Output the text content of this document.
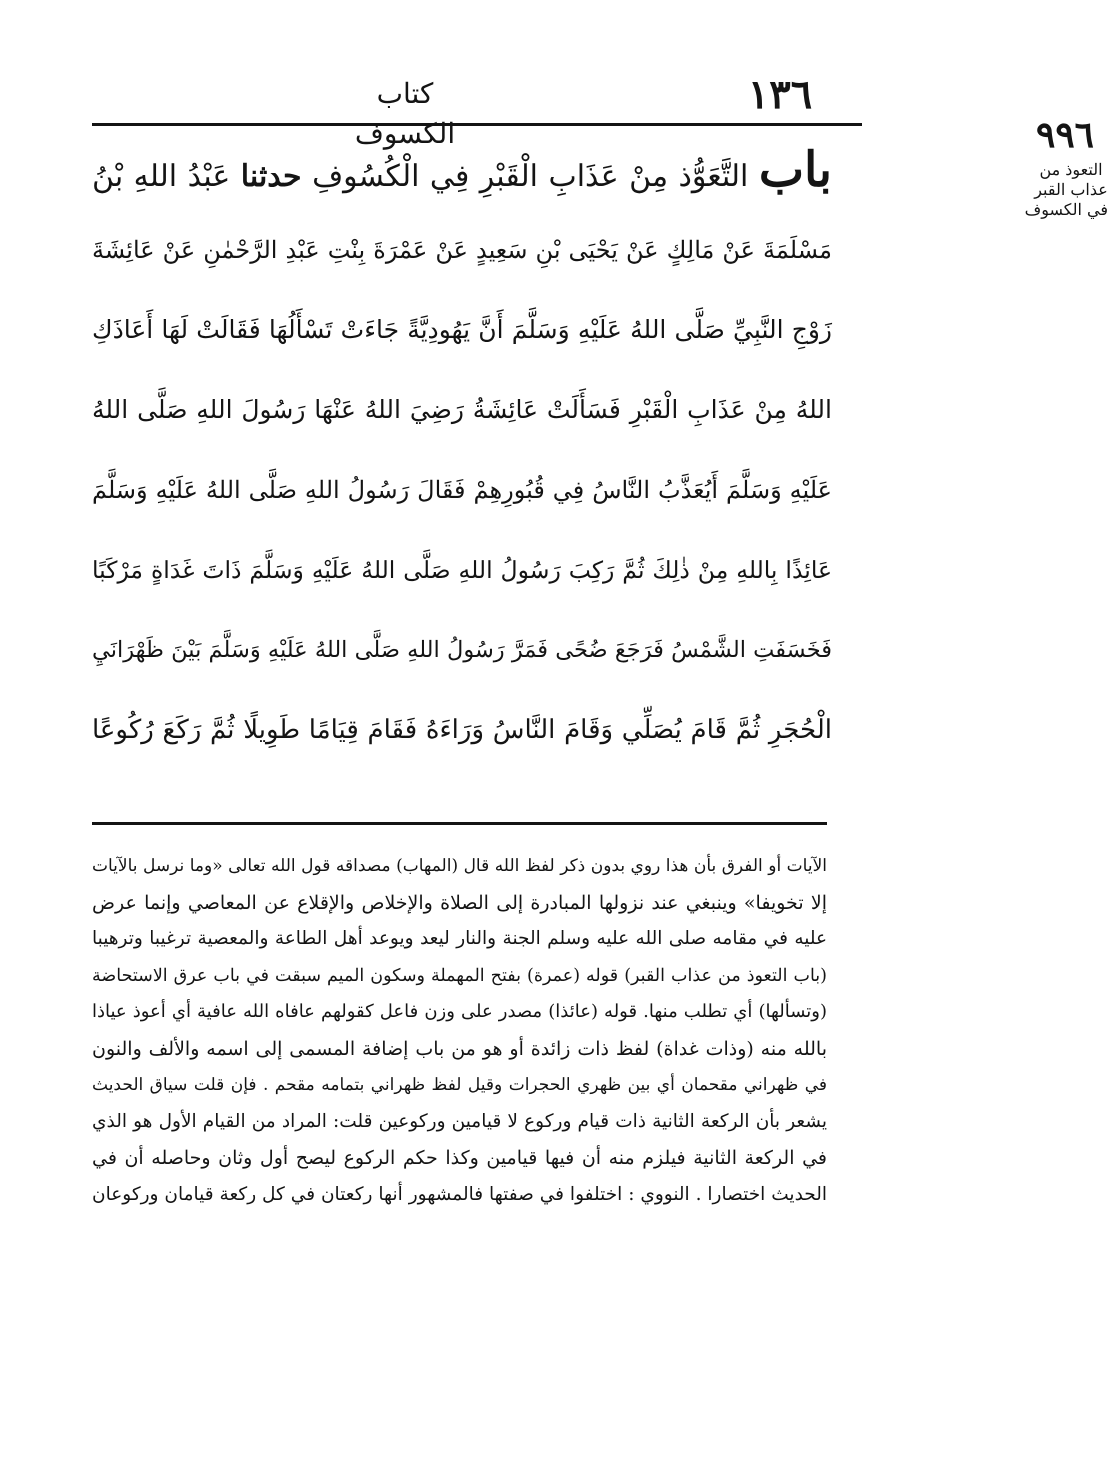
كتاب الكسوف
١٣٦
٩٩٦
التعوذ من
عذاب القبر
في الكسوف
باب التَّعَوُّذ مِنْ عَذَابِ الْقَبْرِ فِي الْكُسُوفِ حدثنا عَبْدُ اللهِ بْنُ
مَسْلَمَةَ عَنْ مَالِكٍ عَنْ يَحْيَى بْنِ سَعِيدٍ عَنْ عَمْرَةَ بِنْتِ عَبْدِ الرَّحْمٰنِ عَنْ عَائِشَةَ
زَوْجِ النَّبِيِّ صَلَّى اللهُ عَلَيْهِ وَسَلَّمَ أَنَّ يَهُودِيَّةً جَاءَتْ تَسْأَلُهَا فَقَالَتْ لَهَا أَعَاذَكِ
اللهُ مِنْ عَذَابِ الْقَبْرِ فَسَأَلَتْ عَائِشَةُ رَضِيَ اللهُ عَنْهَا رَسُولَ اللهِ صَلَّى اللهُ
عَلَيْهِ وَسَلَّمَ أَيُعَذَّبُ النَّاسُ فِي قُبُورِهِمْ فَقَالَ رَسُولُ اللهِ صَلَّى اللهُ عَلَيْهِ وَسَلَّمَ
عَائِذًا بِاللهِ مِنْ ذٰلِكَ ثُمَّ رَكِبَ رَسُولُ اللهِ صَلَّى اللهُ عَلَيْهِ وَسَلَّمَ ذَاتَ غَدَاةٍ مَرْكَبًا
فَخَسَفَتِ الشَّمْسُ فَرَجَعَ ضُحًى فَمَرَّ رَسُولُ اللهِ صَلَّى اللهُ عَلَيْهِ وَسَلَّمَ بَيْنَ ظَهْرَانَيِ
الْحُجَرِ ثُمَّ قَامَ يُصَلِّي وَقَامَ النَّاسُ وَرَاءَهُ فَقَامَ قِيَامًا طَوِيلًا ثُمَّ رَكَعَ رُكُوعًا
الآيات أو الفرق بأن هذا روي بدون ذكر لفظ الله قال (المهاب) مصداقه قول الله تعالى «وما نرسل بالآيات
إلا تخويفا» وينبغي عند نزولها المبادرة إلى الصلاة والإخلاص والإقلاع عن المعاصي وإنما عرض
عليه في مقامه صلى الله عليه وسلم الجنة والنار ليعد ويوعد أهل الطاعة والمعصية ترغيبا وترهيبا
(باب التعوذ من عذاب القبر) قوله (عمرة) بفتح المهملة وسكون الميم سبقت في باب عرق الاستحاضة
(وتسألها) أي تطلب منها. قوله (عائذا) مصدر على وزن فاعل كقولهم عافاه الله عافية أي أعوذ عياذا
بالله منه (وذات غداة) لفظ ذات زائدة أو هو من باب إضافة المسمى إلى اسمه والألف والنون
في ظهراني مقحمان أي بين ظهري الحجرات وقيل لفظ ظهراني بتمامه مقحم . فإن قلت سياق الحديث
يشعر بأن الركعة الثانية ذات قيام وركوع لا قيامين وركوعين قلت: المراد من القيام الأول هو الذي
في الركعة الثانية فيلزم منه أن فيها قيامين وكذا حكم الركوع ليصح أول وثان وحاصله أن في
الحديث اختصارا . النووي : اختلفوا في صفتها فالمشهور أنها ركعتان في كل ركعة قيامان وركوعان
